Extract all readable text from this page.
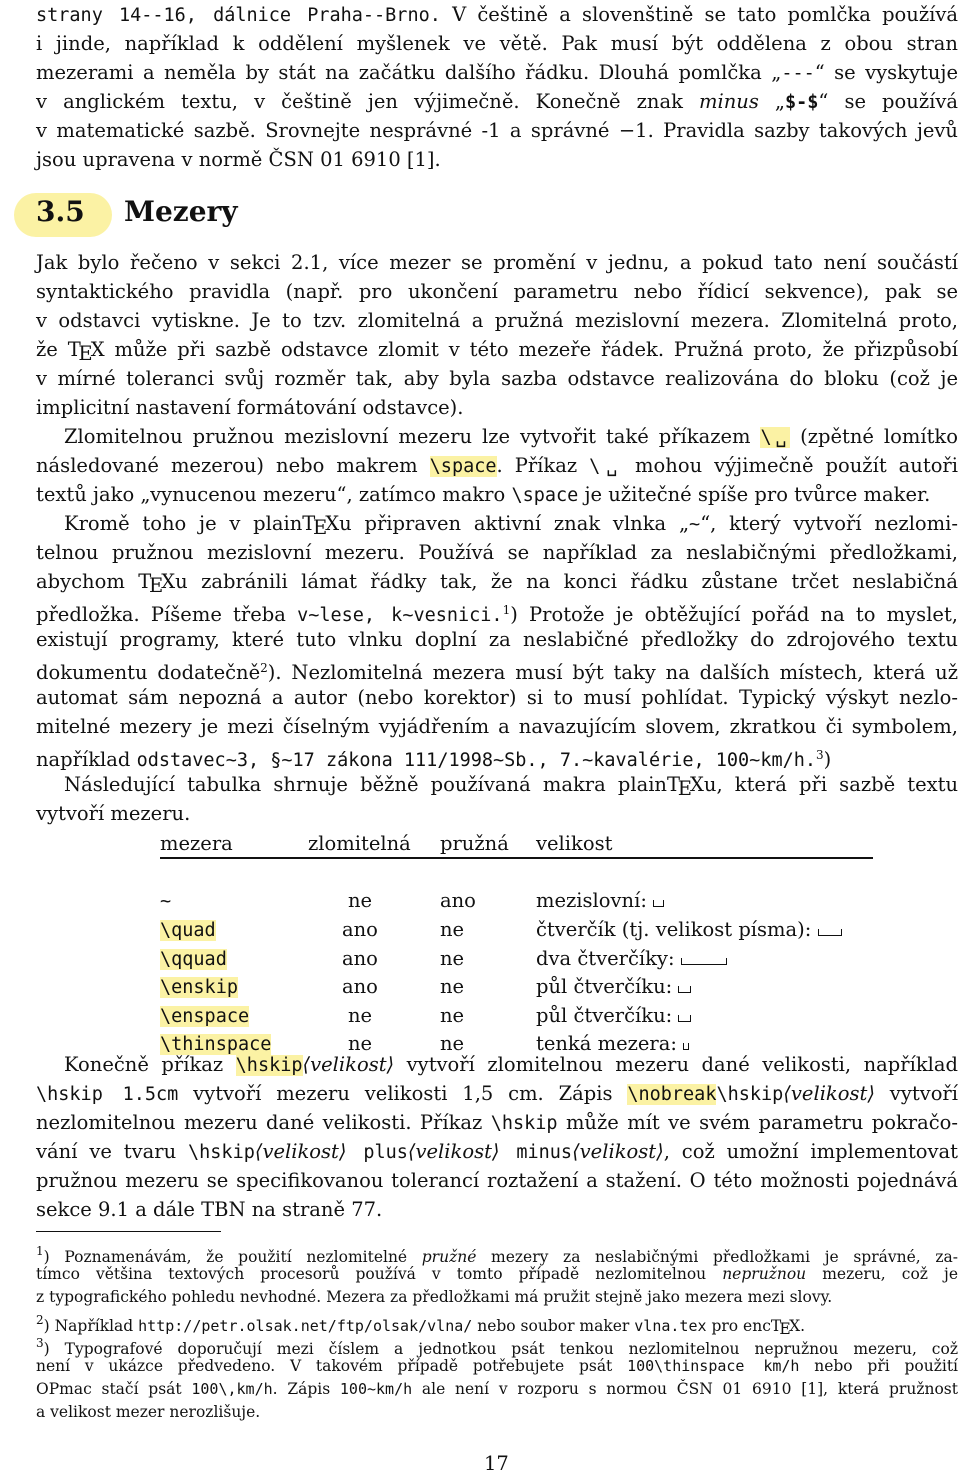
strany 14--16, dálnice Praha--Brno. V češtině a slovenštině se tato pomlčka používá
i jinde, například k oddělení myšlenek ve větě. Pak musí být oddělena z obou stran
mezerami a neměla by stát na začátku dalšího řádku. Dlouhá pomlčka „---“ se vyskytuje
v anglickém textu, v češtině jen výjimečně. Konečně znak minus „$-$“ se používá
v matematické sazbě. Srovnejte nesprávné -1 a správné −1. Pravidla sazby takových jevů
jsou upravena v normě ČSN 01 6910 [1].
3.5 Mezery
Jak bylo řečeno v sekci 2.1, více mezer se promění v jednu, a pokud tato není součástí
syntaktického pravidla (např. pro ukončení parametru nebo řídicí sekvence), pak se
v odstavci vytiskne. Je to tzv. zlomitelná a pružná mezislovní mezera. Zlomitelná proto,
že $T_EX$ může při sazbě odstavce zlomit v této mezeře řádek. Pružná proto, že přizpůsobí
v mírné toleranci svůj rozměr tak, aby byla sazba odstavce realizována do bloku (což je
implicitní nastavení formátování odstavce).
Zlomitelnou pružnou mezislovní mezeru lze vytvořit také příkazem \␣ (zpětné lomítko
následované mezerou) nebo makrem \space. Příkaz \␣ mohou výjimečně použít autoři
textů jako „vynucenou mezeru“, zatímco makro \space je užitečné spíše pro tvůrce maker.
Kromě toho je v plainT$_E$Xu připraven aktivní znak vlnka „~“, který vytvoří nezlomi-
telnou pružnou mezislovní mezeru. Používá se například za neslabičnými předložkami,
abychom $T_EXu$ zabránili lámat řádky tak, že na konci řádku zůstane trčet neslabičná
předložka. Píšeme třeba v~lese, k~vesnici.$^1$) Protože je obtěžující pořád na to myslet,
existují programy, které tuto vlnku doplní za neslabičné předložky do zdrojového textu
dokumentu dodatečně$^2$). Nezlomitelná mezera musí být taky na dalších místech, která už
automat sám nepozná a autor (nebo korektor) si to musí pohlídat. Typický výskyt nezlo-
mitelné mezery je mezi číselným vyjádřením a navazujícím slovem, zkratkou či symbolem,
například odstavec~3, §~17 zákona 111/1998~Sb., 7.~kavalérie, 100~km/h.$^3$)
Následující tabulka shrnuje běžně používaná makra plainT$_E$Xu, která při sazbě textu
vytvoří mezeru.
mezera	zlomitelná	pružná	velikost

~	ne	ano	mezislovní:
\quad	ano	ne	čtverčík (tj. velikost písma):
\qquad	ano	ne	dva čtverčíky:
\enskip	ano	ne	půl čtverčíku:
\enspace	ne	ne	půl čtverčíku:
\thinspace	ne	ne	tenká mezera:
Konečně příkaz \hskip⟨velikost⟩ vytvoří zlomitelnou mezeru dané velikosti, například
\hskip 1.5cm vytvoří mezeru velikosti 1,5 cm. Zápis \nobreak\hskip⟨velikost⟩ vytvoří
nezlomitelnou mezeru dané velikosti. Příkaz \hskip může mít ve svém parametru pokračo-
vání ve tvaru \hskip⟨velikost⟩ plus⟨velikost⟩ minus⟨velikost⟩, což umožní implementovat
pružnou mezeru se specifikovanou tolerancí roztažení a stažení. O této možnosti pojednává
sekce 9.1 a dále TBN na straně 77.
$^1$) Poznamenávám, že použití nezlomitelné pružné mezery za neslabičnými předložkami je správné, za-
tímco většina textových procesorů používá v tomto případě nezlomitelnou nepružnou mezeru, což je
z typografického pohledu nevhodné. Mezera za předložkami má pružit stejně jako mezera mezi slovy.
$^2$) Například http://petr.olsak.net/ftp/olsak/vlna/ nebo soubor maker vlna.tex pro encT$_E$X.
$^3$) Typografové doporučují mezi číslem a jednotkou psát tenkou nezlomitelnou nepružnou mezeru, což
není v ukázce předvedeno. V takovém případě potřebujete psát 100\thinspace km/h nebo při použití
OPmac stačí psát 100\,km/h. Zápis 100~km/h ale není v rozporu s normou ČSN 01 6910 [1], která pružnost
a velikost mezer nerozlišuje.
17
